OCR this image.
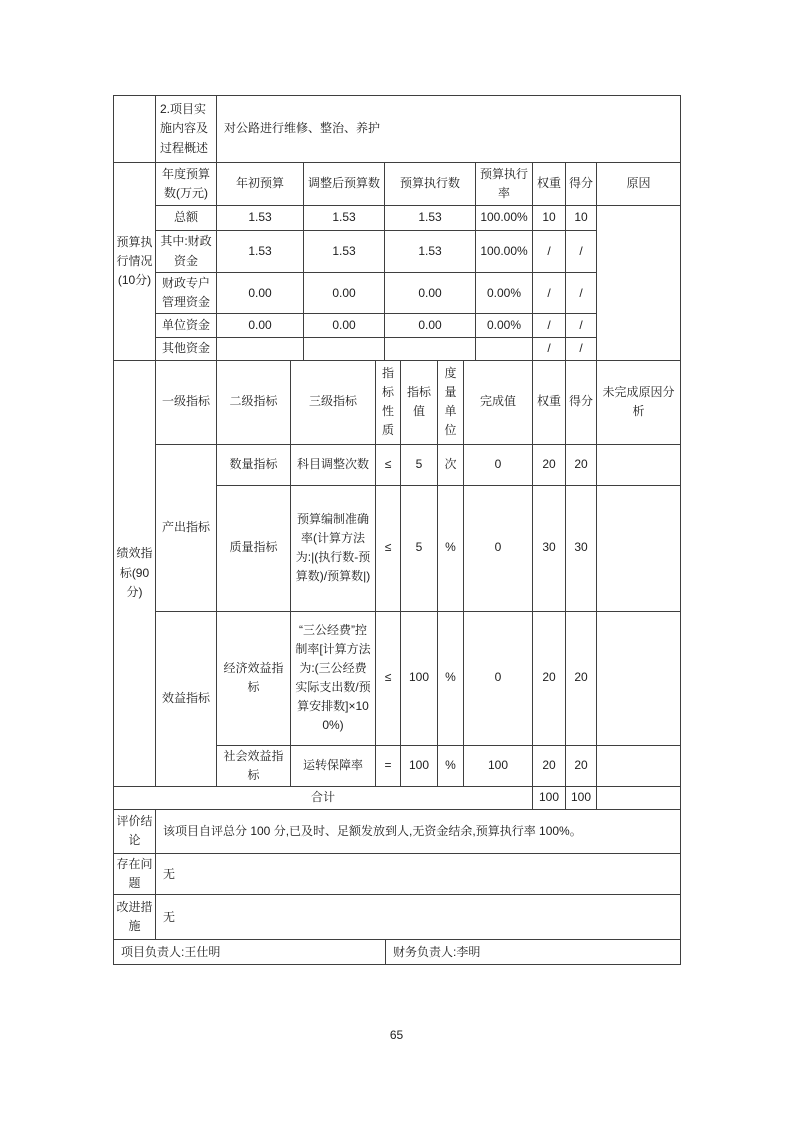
	2.项目实施内容及过程概述	对公路进行维修、整治、养护
预算执行情况(10分)	年度预算数(万元)	年初预算	调整后预算数	预算执行数	预算执行率	权重	得分	原因
	总额	1.53	1.53	1.53	100.00%	10	10	
	其中:财政资金	1.53	1.53	1.53	100.00%	/	/	
	财政专户管理资金	0.00	0.00	0.00	0.00%	/	/	
	单位资金	0.00	0.00	0.00	0.00%	/	/	
	其他资金					/	/	
绩效指标(90分)	一级指标	二级指标	三级指标	指标性质	指标值	度量单位	完成值	权重	得分	未完成原因分析
	产出指标	数量指标	科目调整次数	≤	5	次	0	20	20	
		质量指标	预算编制准确率(计算方法为:|(执行数-预算数)/预算数|)	≤	5	%	0	30	30	
	效益指标	经济效益指标	“三公经费”控制率[计算方法为:(三公经费实际支出数/预算安排数]×100%)	≤	100	%	0	20	20	
		社会效益指标	运转保障率	=	100	%	100	20	20	
合计								100	100	
评价结论	该项目自评总分 100 分,已及时、足额发放到人,无资金结余,预算执行率 100%。
存在问题	无
改进措施	无
项目负责人:王仕明	财务负责人:李明
65
